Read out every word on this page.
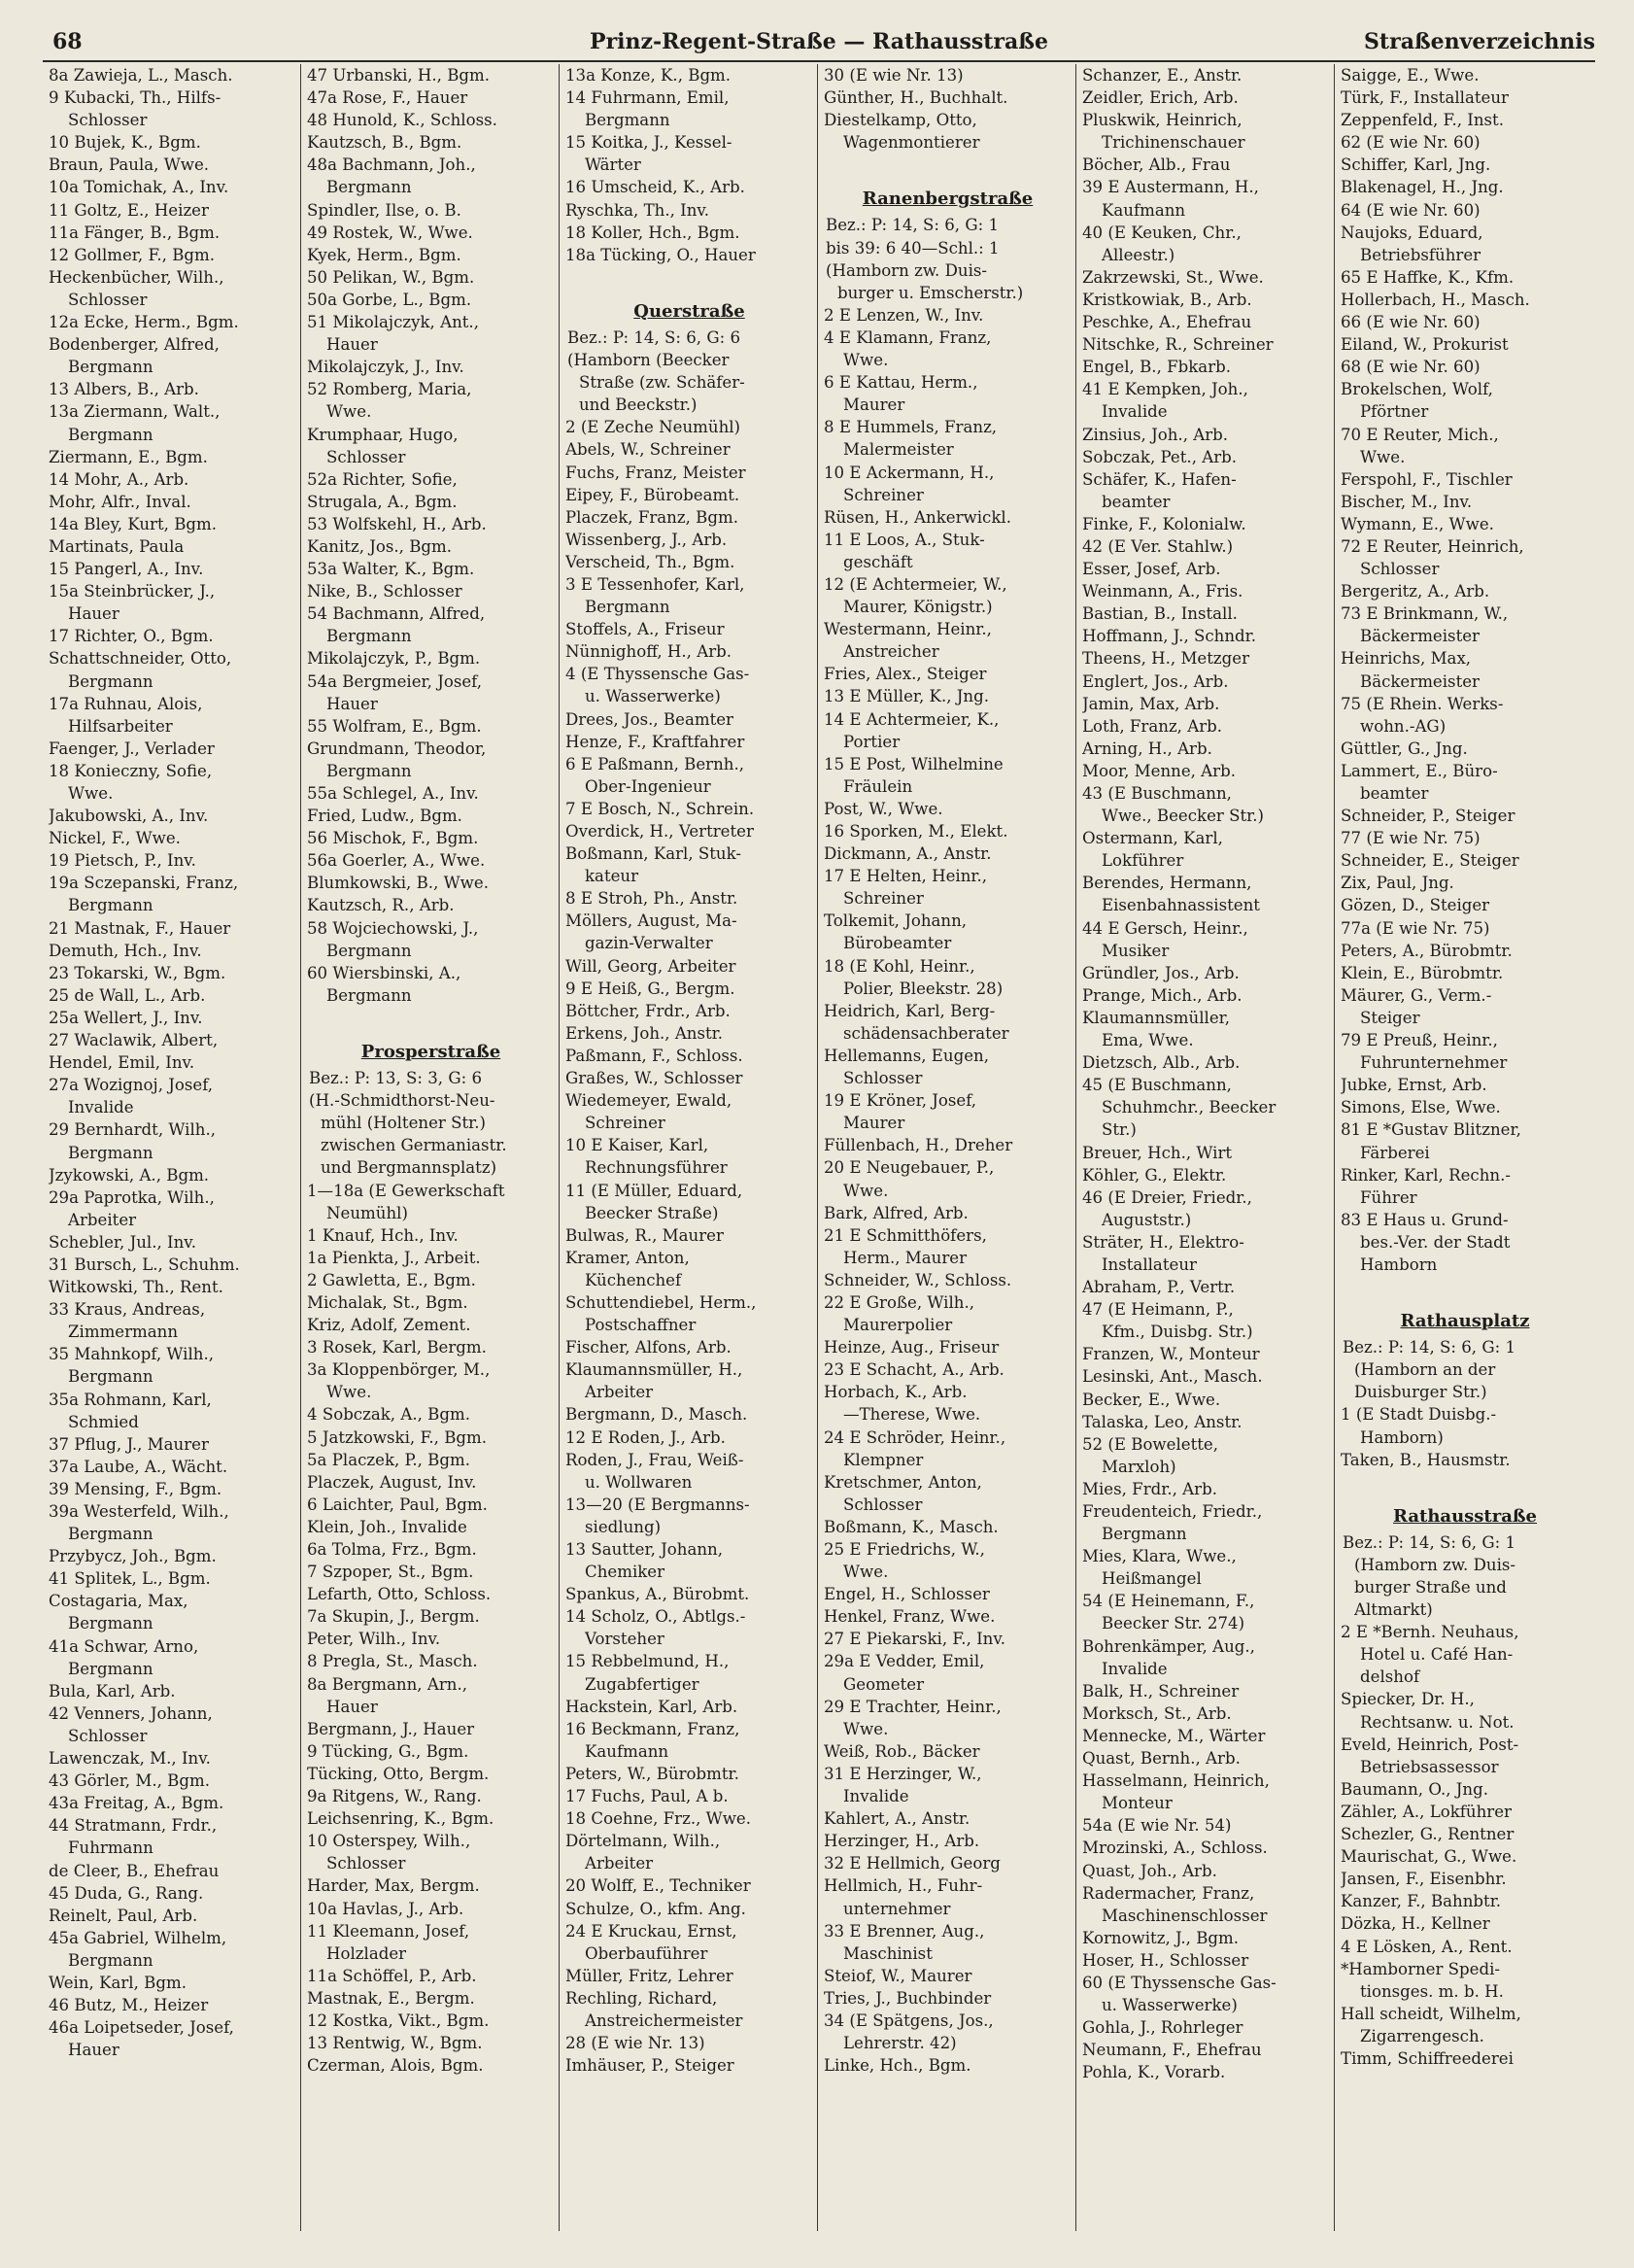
68	Prinz-Regent-Straße — Rathausstraße	Straßenverzeichnis
8a Zawieja, L., Masch.
9 Kubacki, Th., Hilfs-
Schlosser
10 Bujek, K., Bgm.
Braun, Paula, Wwe.
10a Tomichak, A., Inv.
11 Goltz, E., Heizer
11a Fänger, B., Bgm.
12 Gollmer, F., Bgm.
Heckenbücher, Wilh.,
Schlosser
12a Ecke, Herm., Bgm.
Bodenberger, Alfred,
Bergmann
13 Albers, B., Arb.
13a Ziermann, Walt.,
Bergmann
Ziermann, E., Bgm.
14 Mohr, A., Arb.
Mohr, Alfr., Inval.
14a Bley, Kurt, Bgm.
Martinats, Paula
15 Pangerl, A., Inv.
15a Steinbrücker, J.,
Hauer
17 Richter, O., Bgm.
Schattschneider, Otto,
Bergmann
17a Ruhnau, Alois,
Hilfsarbeiter
Faenger, J., Verlader
18 Konieczny, Sofie,
Wwe.
Jakubowski, A., Inv.
Nickel, F., Wwe.
19 Pietsch, P., Inv.
19a Sczepanski, Franz,
Bergmann
21 Mastnak, F., Hauer
Demuth, Hch., Inv.
23 Tokarski, W., Bgm.
25 de Wall, L., Arb.
25a Wellert, J., Inv.
27 Waclawik, Albert,
Hendel, Emil, Inv.
27a Wozignoj, Josef,
Invalide
29 Bernhardt, Wilh.,
Bergmann
Jzykowski, A., Bgm.
29a Paprotka, Wilh.,
Arbeiter
Schebler, Jul., Inv.
31 Bursch, L., Schuhm.
Witkowski, Th., Rent.
33 Kraus, Andreas,
Zimmermann
35 Mahnkopf, Wilh.,
Bergmann
35a Rohmann, Karl,
Schmied
37 Pflug, J., Maurer
37a Laube, A., Wächt.
39 Mensing, F., Bgm.
39a Westerfeld, Wilh.,
Bergmann
Przybycz, Joh., Bgm.
41 Splitek, L., Bgm.
Costagaria, Max,
Bergmann
41a Schwar, Arno,
Bergmann
Bula, Karl, Arb.
42 Venners, Johann,
Schlosser
Lawenczak, M., Inv.
43 Görler, M., Bgm.
43a Freitag, A., Bgm.
44 Stratmann, Frdr.,
Fuhrmann
de Cleer, B., Ehefrau
45 Duda, G., Rang.
Reinelt, Paul, Arb.
45a Gabriel, Wilhelm,
Bergmann
Wein, Karl, Bgm.
46 Butz, M., Heizer
46a Loipetseder, Josef,
Hauer
47 Urbanski, H., Bgm.
47a Rose, F., Hauer
48 Hunold, K., Schloss.
Kautzsch, B., Bgm.
48a Bachmann, Joh.,
Bergmann
Spindler, Ilse, o. B.
49 Rostek, W., Wwe.
Kyek, Herm., Bgm.
50 Pelikan, W., Bgm.
50a Gorbe, L., Bgm.
51 Mikolajczyk, Ant.,
Hauer
Mikolajczyk, J., Inv.
52 Romberg, Maria,
Wwe.
Krumphaar, Hugo,
Schlosser
52a Richter, Sofie,
Strugala, A., Bgm.
53 Wolfskehl, H., Arb.
Kanitz, Jos., Bgm.
53a Walter, K., Bgm.
Nike, B., Schlosser
54 Bachmann, Alfred,
Bergmann
Mikolajczyk, P., Bgm.
54a Bergmeier, Josef,
Hauer
55 Wolfram, E., Bgm.
Grundmann, Theodor,
Bergmann
55a Schlegel, A., Inv.
Fried, Ludw., Bgm.
56 Mischok, F., Bgm.
56a Goerler, A., Wwe.
Blumkowski, B., Wwe.
Kautzsch, R., Arb.
58 Wojciechowski, J.,
Bergmann
60 Wiersbinski, A.,
Bergmann
Prosperstraße
Bez.: P: 13, S: 3, G: 6
(H.-Schmidthorst-Neu-
mühl (Holtener Str.)
zwischen Germaniastr.
und Bergmannsplatz)
1—18a (E Gewerkschaft
Neumühl)
1 Knauf, Hch., Inv.
1a Pienkta, J., Arbeit.
2 Gawletta, E., Bgm.
Michalak, St., Bgm.
Kriz, Adolf, Zement.
3 Rosek, Karl, Bergm.
3a Kloppenbörger, M.,
Wwe.
4 Sobczak, A., Bgm.
5 Jatzkowski, F., Bgm.
5a Placzek, P., Bgm.
Placzek, August, Inv.
6 Laichter, Paul, Bgm.
Klein, Joh., Invalide
6a Tolma, Frz., Bgm.
7 Szpoper, St., Bgm.
Lefarth, Otto, Schloss.
7a Skupin, J., Bergm.
Peter, Wilh., Inv.
8 Pregla, St., Masch.
8a Bergmann, Arn.,
Hauer
Bergmann, J., Hauer
9 Tücking, G., Bgm.
Tücking, Otto, Bergm.
9a Ritgens, W., Rang.
Leichsenring, K., Bgm.
10 Osterspey, Wilh.,
Schlosser
Harder, Max, Bergm.
10a Havlas, J., Arb.
11 Kleemann, Josef,
Holzlader
11a Schöffel, P., Arb.
Mastnak, E., Bergm.
12 Kostka, Vikt., Bgm.
13 Rentwig, W., Bgm.
Czerman, Alois, Bgm.
13a Konze, K., Bgm.
14 Fuhrmann, Emil,
Bergmann
15 Koitka, J., Kessel-
Wärter
16 Umscheid, K., Arb.
Ryschka, Th., Inv.
18 Koller, Hch., Bgm.
18a Tücking, O., Hauer
Querstraße
Bez.: P: 14, S: 6, G: 6
(Hamborn (Beecker
Straße (zw. Schäfer-
und Beeckstr.)
2 (E Zeche Neumühl)
Abels, W., Schreiner
Fuchs, Franz, Meister
Eipey, F., Bürobeamt.
Placzek, Franz, Bgm.
Wissenberg, J., Arb.
Verscheid, Th., Bgm.
3 E Tessenhofer, Karl,
Bergmann
Stoffels, A., Friseur
Nünnighoff, H., Arb.
4 (E Thyssensche Gas-
u. Wasserwerke)
Drees, Jos., Beamter
Henze, F., Kraftfahrer
6 E Paßmann, Bernh.,
Ober-Ingenieur
7 E Bosch, N., Schrein.
Overdick, H., Vertreter
Boßmann, Karl, Stuk-
kateur
8 E Stroh, Ph., Anstr.
Möllers, August, Ma-
gazin-Verwalter
Will, Georg, Arbeiter
9 E Heiß, G., Bergm.
Böttcher, Frdr., Arb.
Erkens, Joh., Anstr.
Paßmann, F., Schloss.
Graßes, W., Schlosser
Wiedemeyer, Ewald,
Schreiner
10 E Kaiser, Karl,
Rechnungsführer
11 (E Müller, Eduard,
Beecker Straße)
Bulwas, R., Maurer
Kramer, Anton,
Küchenchef
Schuttendiebel, Herm.,
Postschaffner
Fischer, Alfons, Arb.
Klaumannsmüller, H.,
Arbeiter
Bergmann, D., Masch.
12 E Roden, J., Arb.
Roden, J., Frau, Weiß-
u. Wollwaren
13—20 (E Bergmanns-
siedlung)
13 Sautter, Johann,
Chemiker
Spankus, A., Bürobmt.
14 Scholz, O., Abtlgs.-
Vorsteher
15 Rebbelmund, H.,
Zugabfertiger
Hackstein, Karl, Arb.
16 Beckmann, Franz,
Kaufmann
Peters, W., Bürobmtr.
17 Fuchs, Paul, A b.
18 Coehne, Frz., Wwe.
Dörtelmann, Wilh.,
Arbeiter
20 Wolff, E., Techniker
Schulze, O., kfm. Ang.
24 E Kruckau, Ernst,
Oberbauführer
Müller, Fritz, Lehrer
Rechling, Richard,
Anstreichermeister
28 (E wie Nr. 13)
Imhäuser, P., Steiger
30 (E wie Nr. 13)
Günther, H., Buchhalt.
Diestelkamp, Otto,
Wagenmontierer
Ranenbergstraße
Bez.: P: 14, S: 6, G: 1
bis 39: 6 40—Schl.: 1
(Hamborn zw. Duis-
burger u. Emscherstr.)
2 E Lenzen, W., Inv.
4 E Klamann, Franz,
Wwe.
6 E Kattau, Herm.,
Maurer
8 E Hummels, Franz,
Malermeister
10 E Ackermann, H.,
Schreiner
Rüsen, H., Ankerwickl.
11 E Loos, A., Stuk-
geschäft
12 (E Achtermeier, W.,
Maurer, Königstr.)
Westermann, Heinr.,
Anstreicher
Fries, Alex., Steiger
13 E Müller, K., Jng.
14 E Achtermeier, K.,
Portier
15 E Post, Wilhelmine
Fräulein
Post, W., Wwe.
16 Sporken, M., Elekt.
Dickmann, A., Anstr.
17 E Helten, Heinr.,
Schreiner
Tolkemit, Johann,
Bürobeamter
18 (E Kohl, Heinr.,
Polier, Bleekstr. 28)
Heidrich, Karl, Berg-
schädensachberater
Hellemanns, Eugen,
Schlosser
19 E Kröner, Josef,
Maurer
Füllenbach, H., Dreher
20 E Neugebauer, P.,
Wwe.
Bark, Alfred, Arb.
21 E Schmitthöfers,
Herm., Maurer
Schneider, W., Schloss.
22 E Große, Wilh.,
Maurerpolier
Heinze, Aug., Friseur
23 E Schacht, A., Arb.
Horbach, K., Arb.
—Therese, Wwe.
24 E Schröder, Heinr.,
Klempner
Kretschmer, Anton,
Schlosser
Boßmann, K., Masch.
25 E Friedrichs, W.,
Wwe.
Engel, H., Schlosser
Henkel, Franz, Wwe.
27 E Piekarski, F., Inv.
29a E Vedder, Emil,
Geometer
29 E Trachter, Heinr.,
Wwe.
Weiß, Rob., Bäcker
31 E Herzinger, W.,
Invalide
Kahlert, A., Anstr.
Herzinger, H., Arb.
32 E Hellmich, Georg
Hellmich, H., Fuhr-
unternehmer
33 E Brenner, Aug.,
Maschinist
Steiof, W., Maurer
Tries, J., Buchbinder
34 (E Spätgens, Jos.,
Lehrerstr. 42)
Linke, Hch., Bgm.
Schanzer, E., Anstr.
Zeidler, Erich, Arb.
Pluskwik, Heinrich,
Trichinenschauer
Böcher, Alb., Frau
39 E Austermann, H.,
Kaufmann
40 (E Keuken, Chr.,
Alleestr.)
Zakrzewski, St., Wwe.
Kristkowiak, B., Arb.
Peschke, A., Ehefrau
Nitschke, R., Schreiner
Engel, B., Fbkarb.
41 E Kempken, Joh.,
Invalide
Zinsius, Joh., Arb.
Sobczak, Pet., Arb.
Schäfer, K., Hafen-
beamter
Finke, F., Kolonialw.
42 (E Ver. Stahlw.)
Esser, Josef, Arb.
Weinmann, A., Fris.
Bastian, B., Install.
Hoffmann, J., Schndr.
Theens, H., Metzger
Englert, Jos., Arb.
Jamin, Max, Arb.
Loth, Franz, Arb.
Arning, H., Arb.
Moor, Menne, Arb.
43 (E Buschmann,
Wwe., Beecker Str.)
Ostermann, Karl,
Lokführer
Berendes, Hermann,
Eisenbahnassistent
44 E Gersch, Heinr.,
Musiker
Gründler, Jos., Arb.
Prange, Mich., Arb.
Klaumannsmüller,
Ema, Wwe.
Dietzsch, Alb., Arb.
45 (E Buschmann,
Schuhmchr., Beecker
Str.)
Breuer, Hch., Wirt
Köhler, G., Elektr.
46 (E Dreier, Friedr.,
Auguststr.)
Sträter, H., Elektro-
Installateur
Abraham, P., Vertr.
47 (E Heimann, P.,
Kfm., Duisbg. Str.)
Franzen, W., Monteur
Lesinski, Ant., Masch.
Becker, E., Wwe.
Talaska, Leo, Anstr.
52 (E Bowelette,
Marxloh)
Mies, Frdr., Arb.
Freudenteich, Friedr.,
Bergmann
Mies, Klara, Wwe.,
Heißmangel
54 (E Heinemann, F.,
Beecker Str. 274)
Bohrenkämper, Aug.,
Invalide
Balk, H., Schreiner
Morksch, St., Arb.
Mennecke, M., Wärter
Quast, Bernh., Arb.
Hasselmann, Heinrich,
Monteur
54a (E wie Nr. 54)
Mrozinski, A., Schloss.
Quast, Joh., Arb.
Radermacher, Franz,
Maschinenschlosser
Kornowitz, J., Bgm.
Hoser, H., Schlosser
60 (E Thyssensche Gas-
u. Wasserwerke)
Gohla, J., Rohrleger
Neumann, F., Ehefrau
Pohla, K., Vorarb.
Saigge, E., Wwe.
Türk, F., Installateur
Zeppenfeld, F., Inst.
62 (E wie Nr. 60)
Schiffer, Karl, Jng.
Blakenagel, H., Jng.
64 (E wie Nr. 60)
Naujoks, Eduard,
Betriebsführer
65 E Haffke, K., Kfm.
Hollerbach, H., Masch.
66 (E wie Nr. 60)
Eiland, W., Prokurist
68 (E wie Nr. 60)
Brokelschen, Wolf,
Pförtner
70 E Reuter, Mich.,
Wwe.
Ferspohl, F., Tischler
Bischer, M., Inv.
Wymann, E., Wwe.
72 E Reuter, Heinrich,
Schlosser
Bergeritz, A., Arb.
73 E Brinkmann, W.,
Bäckermeister
Heinrichs, Max,
Bäckermeister
75 (E Rhein. Werks-
wohn.-AG)
Güttler, G., Jng.
Lammert, E., Büro-
beamter
Schneider, P., Steiger
77 (E wie Nr. 75)
Schneider, E., Steiger
Zix, Paul, Jng.
Gözen, D., Steiger
77a (E wie Nr. 75)
Peters, A., Bürobmtr.
Klein, E., Bürobmtr.
Mäurer, G., Verm.-
Steiger
79 E Preuß, Heinr.,
Fuhrunternehmer
Jubke, Ernst, Arb.
Simons, Else, Wwe.
81 E *Gustav Blitzner,
Färberei
Rinker, Karl, Rechn.-
Führer
83 E Haus u. Grund-
bes.-Ver. der Stadt
Hamborn
Rathausplatz
Bez.: P: 14, S: 6, G: 1
(Hamborn an der
Duisburger Str.)
1 (E Stadt Duisbg.-
Hamborn)
Taken, B., Hausmstr.
Rathausstraße
Bez.: P: 14, S: 6, G: 1
(Hamborn zw. Duis-
burger Straße und
Altmarkt)
2 E *Bernh. Neuhaus,
Hotel u. Café Han-
delshof
Spiecker, Dr. H.,
Rechtsanw. u. Not.
Eveld, Heinrich, Post-
Betriebsassessor
Baumann, O., Jng.
Zähler, A., Lokführer
Schezler, G., Rentner
Maurischat, G., Wwe.
Jansen, F., Eisenbhr.
Kanzer, F., Bahnbtr.
Dözka, H., Kellner
4 E Lösken, A., Rent.
*Hamborner Spedi-
tionsges. m. b. H.
Hall scheidt, Wilhelm,
Zigarrengesch.
Timm, Schiffreederei
